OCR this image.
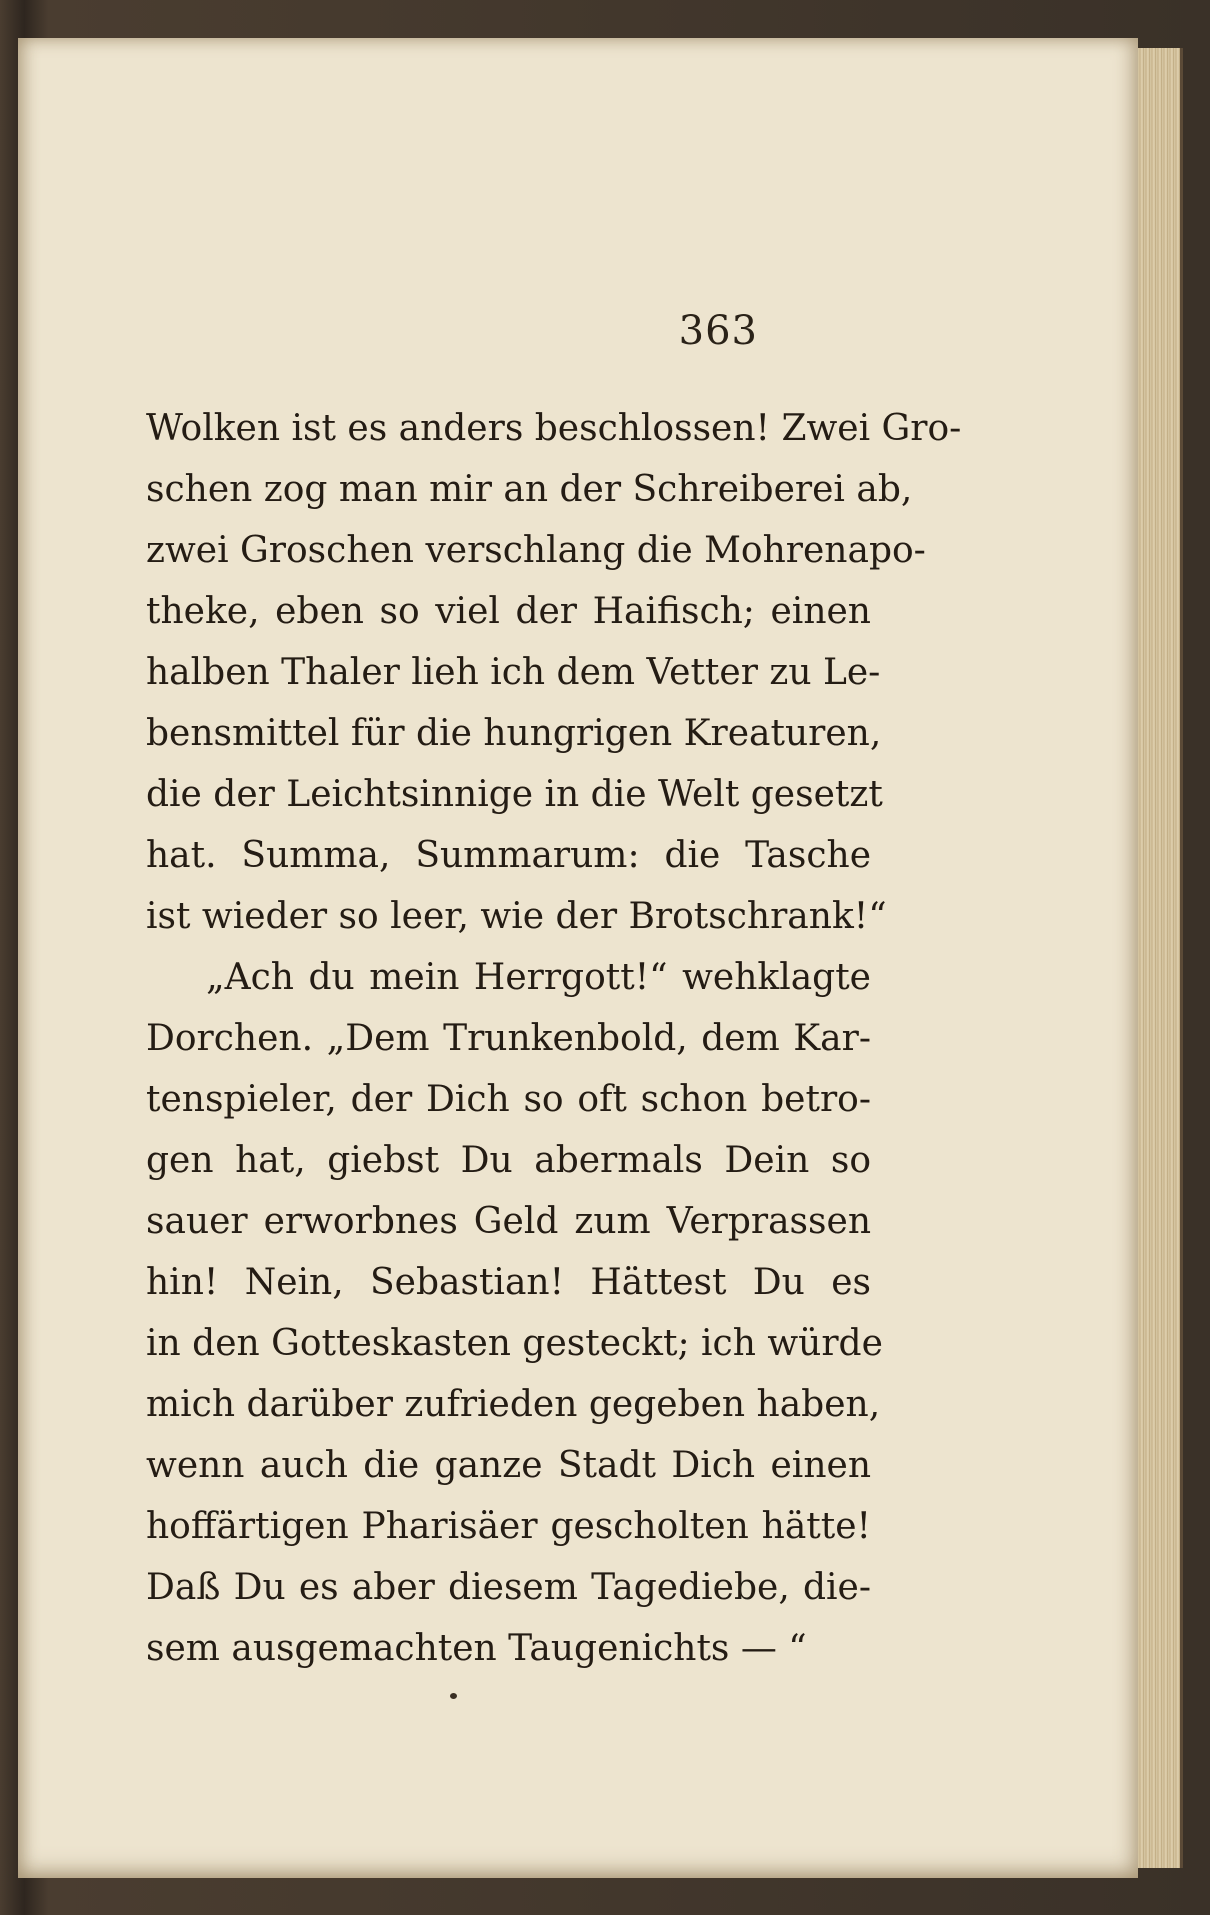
363
Wolken ist es anders beschlossen! Zwei Gro-
schen zog man mir an der Schreiberei ab,
zwei Groschen verschlang die Mohrenapo-
theke, eben so viel der Haifisch; einen
halben Thaler lieh ich dem Vetter zu Le-
bensmittel für die hungrigen Kreaturen,
die der Leichtsinnige in die Welt gesetzt
hat. Summa, Summarum: die Tasche
ist wieder so leer, wie der Brotschrank!“
„Ach du mein Herrgott!“ wehklagte
Dorchen. „Dem Trunkenbold, dem Kar-
tenspieler, der Dich so oft schon betro-
gen hat, giebst Du abermals Dein so
sauer erworbnes Geld zum Verprassen
hin! Nein, Sebastian! Hättest Du es
in den Gotteskasten gesteckt; ich würde
mich darüber zufrieden gegeben haben,
wenn auch die ganze Stadt Dich einen
hoffärtigen Pharisäer gescholten hätte!
Daß Du es aber diesem Tagediebe, die-
sem ausgemachten Taugenichts — “
